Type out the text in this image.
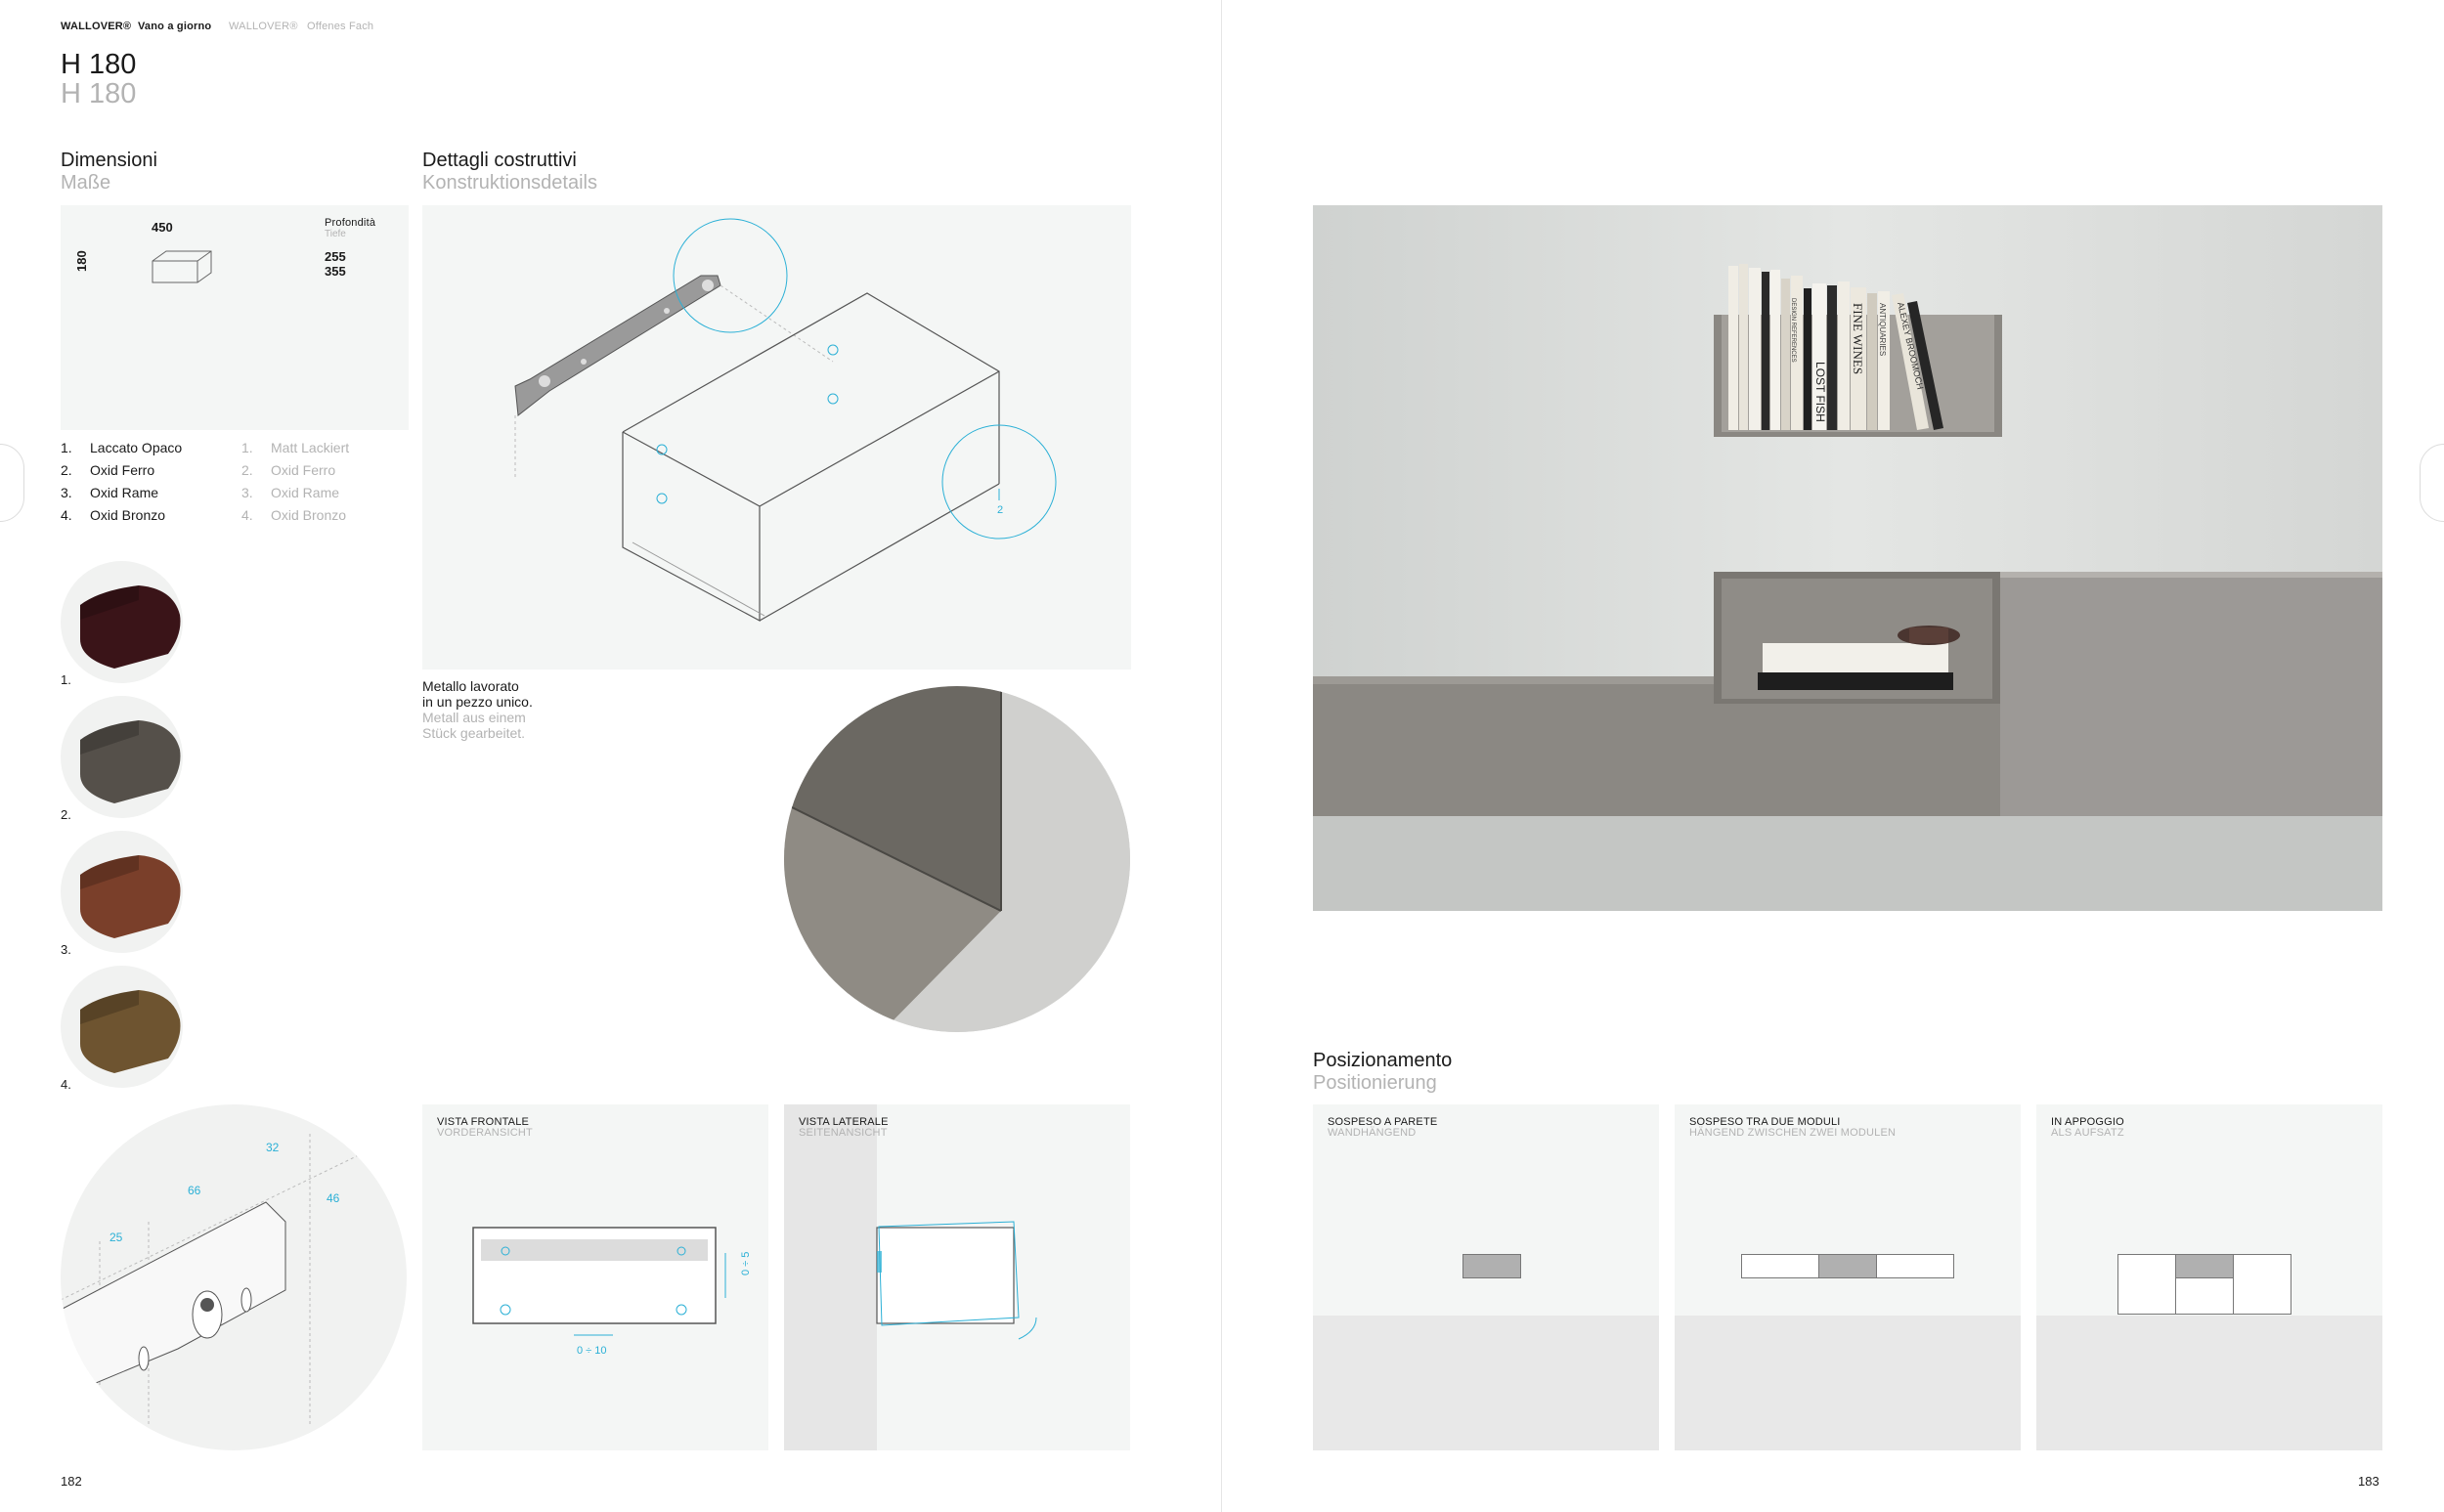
WALLOVER® Vano a giorno WALLOVER® Offenes Fach
H 180
H 180
Dimensioni
Maße
450
180
Profondità
Tiefe
255
355
1. Laccato Opaco
2. Oxid Ferro
3. Oxid Rame
4. Oxid Bronzo
1. Matt Lackiert
2. Oxid Ferro
3. Oxid Rame
4. Oxid Bronzo
1.
2.
3.
4.
Dettagli costruttivi
Konstruktionsdetails
2
Metallo lavorato
in un pezzo unico.
Metall aus einem
Stück gearbeitet.
25
66
32
46
VISTA FRONTALE
VORDERANSICHT
0 ÷ 5
0 ÷ 10
VISTA LATERALE
SEITENANSICHT
182
LOST FISH
FINE WINES ANTIQUARIES ALEXEY BROOMOCH
DESIGN REFERENCES
Posizionamento
Positionierung
SOSPESO A PARETE
WANDHÄNGEND
SOSPESO TRA DUE MODULI
HÄNGEND ZWISCHEN ZWEI MODULEN
IN APPOGGIO
ALS AUFSATZ
183
